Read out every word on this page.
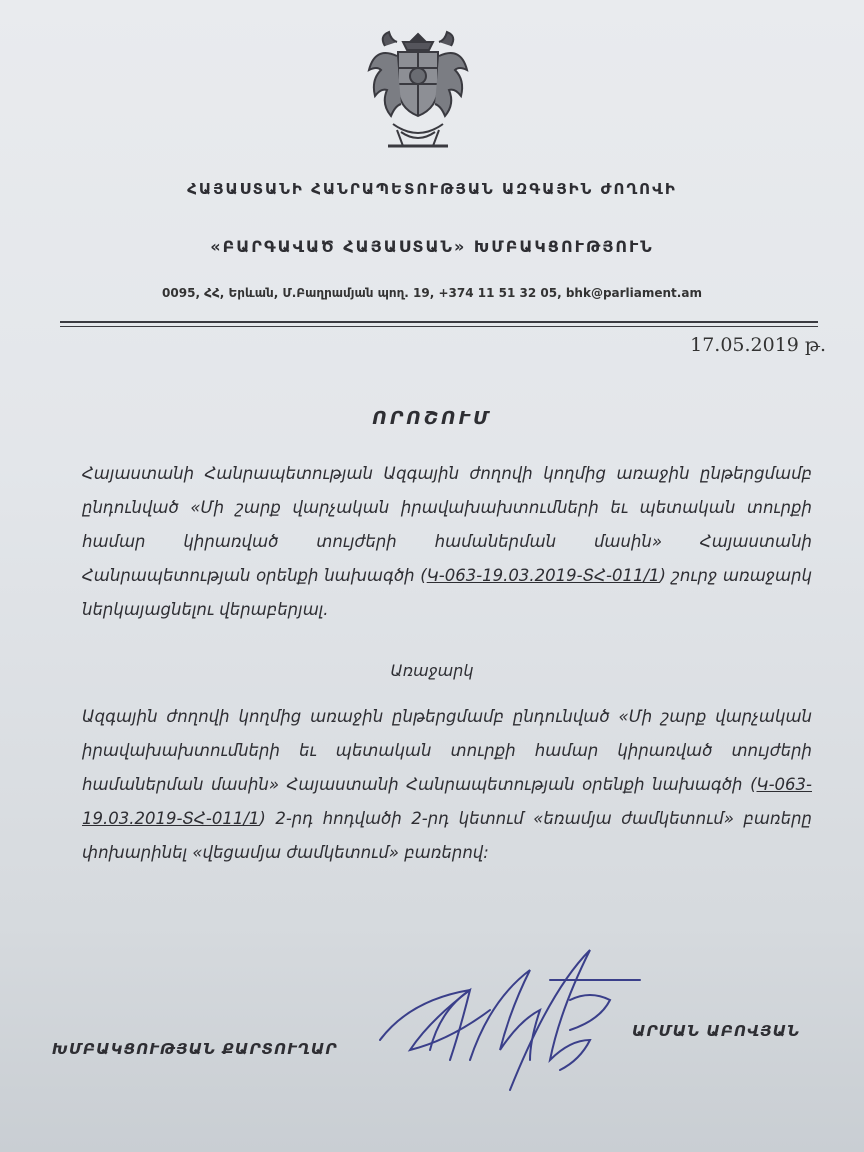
ՀԱՅԱՍՏԱՆԻ ՀԱՆՐԱՊԵՏՈՒԹՅԱՆ ԱԶԳԱՅԻՆ ԺՈՂՈՎԻ
«ԲԱՐԳԱՎԱԾ ՀԱՅԱՍՏԱՆ» ԽՄԲԱԿՑՈՒԹՅՈՒՆ
0095, ՀՀ, Երևան, Մ.Բաղրամյան պող. 19, +374 11 51 32 05, bhk@parliament.am
17.05.2019 թ.
ՈՐՈՇՈՒՄ
Հայաստանի Հանրապետության Ազգային ժողովի կողմից առաջին ընթերցմամբ ընդունված «Մի շարք վարչական իրավախախտումների եւ պետական տուրքի համար կիրառված տույժերի համաներման մասին» Հայաստանի Հանրապետության օրենքի նախագծի (Կ-063-19.03.2019-ՏՀ-011/1) շուրջ առաջարկ ներկայացնելու վերաբերյալ.
Առաջարկ
Ազգային ժողովի կողմից առաջին ընթերցմամբ ընդունված «Մի շարք վարչական իրավախախտումների եւ պետական տուրքի համար կիրառված տույժերի համաներման մասին» Հայաստանի Հանրապետության օրենքի նախագծի (Կ-063-19.03.2019-ՏՀ-011/1) 2-րդ հոդվածի 2-րդ կետում «եռամյա ժամկետում» բառերը փոխարինել «վեցամյա ժամկետում» բառերով:
ԽՄԲԱԿՑՈՒԹՅԱՆ ՔԱՐՏՈՒՂԱՐ
ԱՐՄԱՆ ԱԲՈՎՅԱՆ
